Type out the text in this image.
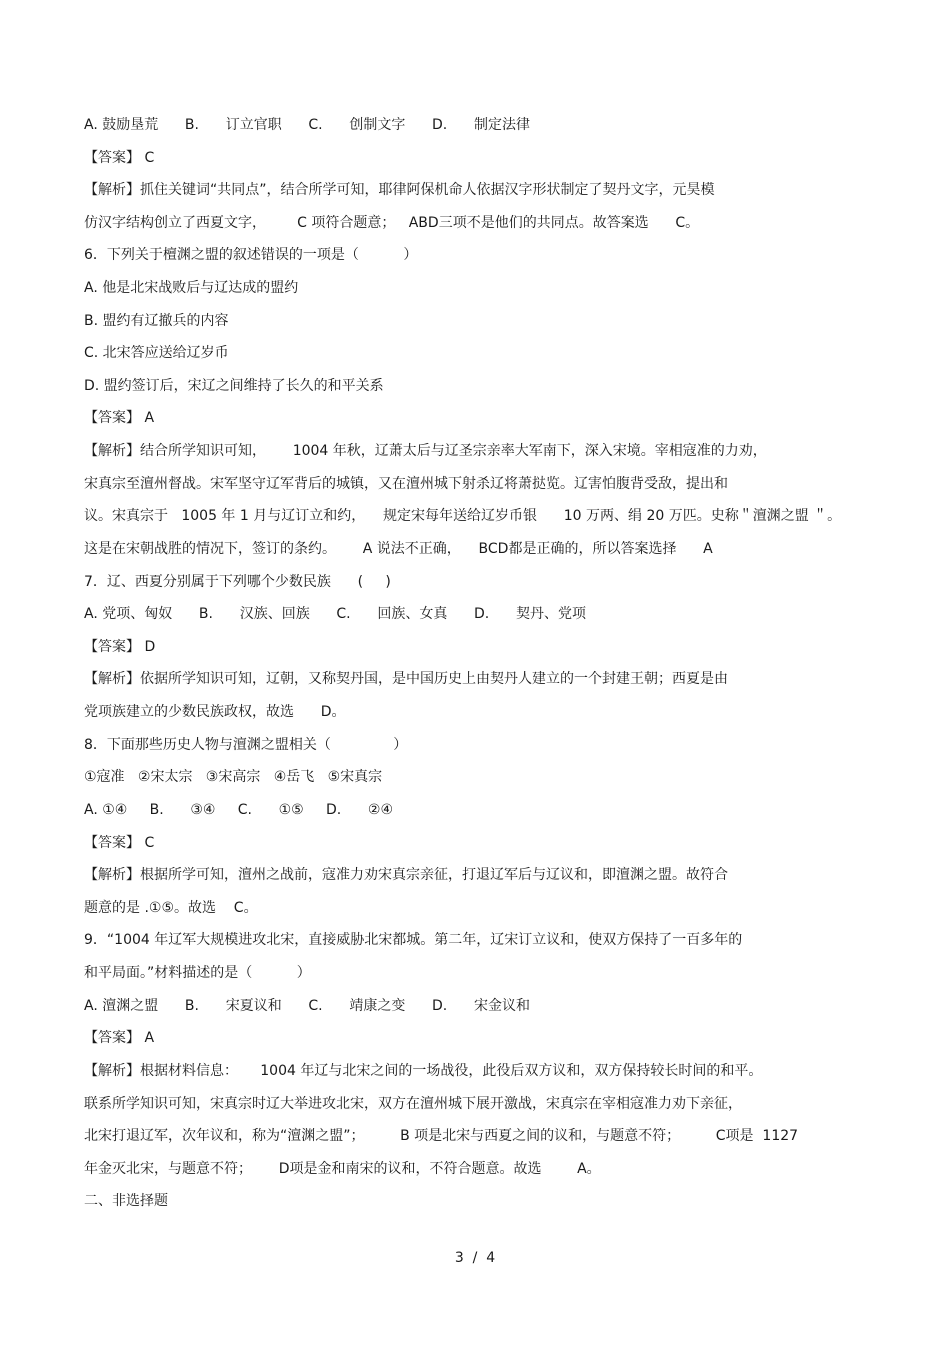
A. 鼓励垦荒      B.      订立官职      C.      创制文字      D.      制定法律
【答案】 C
【解析】抓住关键词“共同点”，结合所学可知，耶律阿保机命人依据汉字形状制定了契丹文字，元昊模
仿汉字结构创立了西夏文字，       C 项符合题意；   ABD三项不是他们的共同点。故答案选      C。
6．下列关于檀渊之盟的叙述错误的一项是（          ）
A. 他是北宋战败后与辽达成的盟约
B. 盟约有辽撤兵的内容
C. 北宋答应送给辽岁币
D. 盟约签订后，宋辽之间维持了长久的和平关系
【答案】 A
【解析】结合所学知识可知，      1004 年秋，辽萧太后与辽圣宗亲率大军南下，深入宋境。宰相寇准的力劝，
宋真宗至澶州督战。宋军坚守辽军背后的城镇，又在澶州城下射杀辽将萧挞览。辽害怕腹背受敌，提出和
议。宋真宗于   1005 年 1 月与辽订立和约，    规定宋每年送给辽岁币银      10 万两、绢 20 万匹。史称＂澶渊之盟 ＂。
这是在宋朝战胜的情况下，签订的条约。      A 说法不正确，    BCD都是正确的，所以答案选择      A
7．辽、西夏分别属于下列哪个少数民族      (     )
A. 党项、匈奴      B.      汉族、回族      C.      回族、女真      D.      契丹、党项
【答案】 D
【解析】依据所学知识可知，辽朝，又称契丹国，是中国历史上由契丹人建立的一个封建王朝；西夏是由
党项族建立的少数民族政权，故选      D。
8．下面那些历史人物与澶渊之盟相关（              ）
①寇准   ②宋太宗   ③宋高宗   ④岳飞   ⑤宋真宗
A. ①④     B.      ③④     C.      ①⑤     D.      ②④
【答案】 C
【解析】根据所学可知，澶州之战前，寇准力劝宋真宗亲征，打退辽军后与辽议和，即澶渊之盟。故符合
题意的是 .①⑤。故选    C。
9．“1004 年辽军大规模进攻北宋，直接威胁北宋都城。第二年，辽宋订立议和，使双方保持了一百多年的
和平局面。”材料描述的是（          ）
A. 澶渊之盟      B.      宋夏议和      C.      靖康之变      D.      宋金议和
【答案】 A
【解析】根据材料信息：     1004 年辽与北宋之间的一场战役，此役后双方议和，双方保持较长时间的和平。
联系所学知识可知，宋真宗时辽大举进攻北宋，双方在澶州城下展开激战，宋真宗在宰相寇准力劝下亲征，
北宋打退辽军，次年议和，称为“澶渊之盟”；        B 项是北宋与西夏之间的议和，与题意不符；        C项是  1127
年金灭北宋，与题意不符；      D项是金和南宋的议和，不符合题意。故选        A。
二、非选择题
3  /  4
